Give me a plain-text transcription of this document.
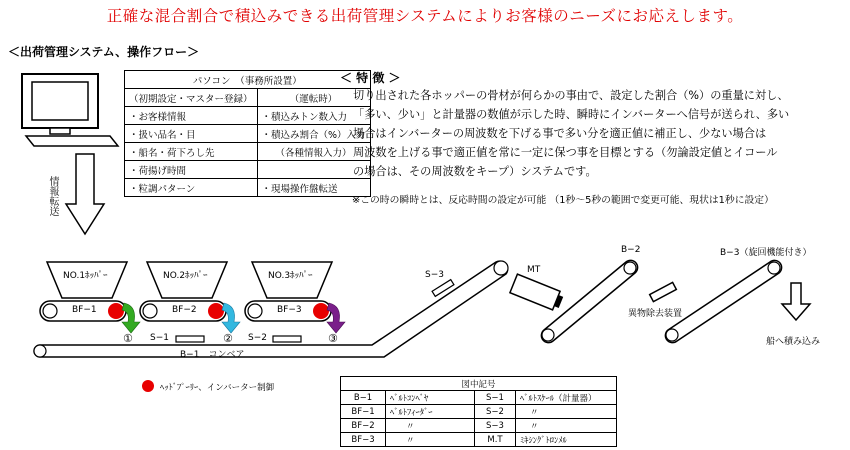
正確な混合割合で積込みできる出荷管理システムによりお客様のニーズにお応えします。
＜出荷管理システム、操作フロー＞
パソコン　（事務所設置）	
（初期設定・マスター登録）	（運転時）
・お客様情報	・積込みトン数入力
・扱い品名・目	・積込み割合（%）入力
・船名・荷下ろし先	（各種情報入力）
・荷揚げ時間	
・粒調パターン	・現場操作盤転送
情報転送
＜ 特 徴 ＞
切り出された各ホッパーの骨材が何らかの事由で、設定した割合（%）の重量に対し、
「多い、少い」と計量器の数値が示した時、瞬時にインバーターへ信号が送られ、多い
場合はインバーターの周波数を下げる事で多い分を適正値に補正し、少ない場合は
周波数を上げる事で適正値を常に一定に保つ事を目標とする（勿論設定値とイコール
の場合は、その周波数をキープ）システムです。
※この時の瞬時とは、反応時間の設定が可能 （1秒～5秒の範囲で変更可能、現状は1秒に設定）
NO.1ﾎｯﾊﾟｰ	NO.2ﾎｯﾊﾟｰ	NO.3ﾎｯﾊﾟｰ
BF−1	BF−2	BF−3
①	②	③
S−1	S−2
S−3
B−1　コンベア
MT
B−2	B−3（旋回機能付き）
異物除去装置
船へ積み込み
ﾍｯﾄﾞﾌﾟｰﾘｰ、インバーター制御	図中記号			
B−1	ﾍﾞﾙﾄｺﾝﾍﾞﾔ	S−1	ﾍﾞﾙﾄｽｹｰﾙ（計量器）
BF−1	ﾍﾞﾙﾄﾌｨｰﾀﾞｰ	S−2	〃
BF−2	〃	S−3	〃
BF−3	〃	M.T	ﾐｷｼﾝｸﾞﾄﾛﾝﾒﾙ
